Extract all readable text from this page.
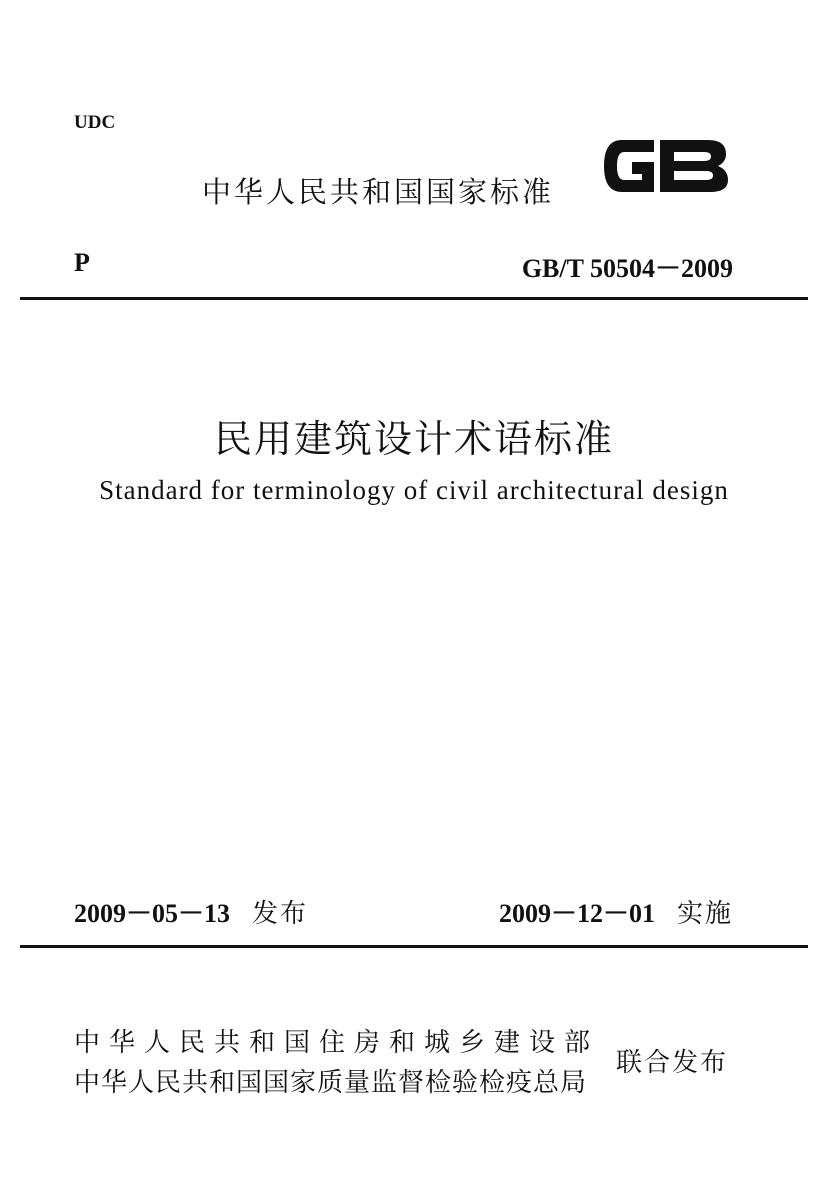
UDC
中华人民共和国国家标准
P	GB/T 50504－2009
民用建筑设计术语标准
Standard for terminology of civil architectural design
2009－05－13 发布	2009－12－01 实施
中华人民共和国住房和城乡建设部
中华人民共和国国家质量监督检验检疫总局
联合发布
